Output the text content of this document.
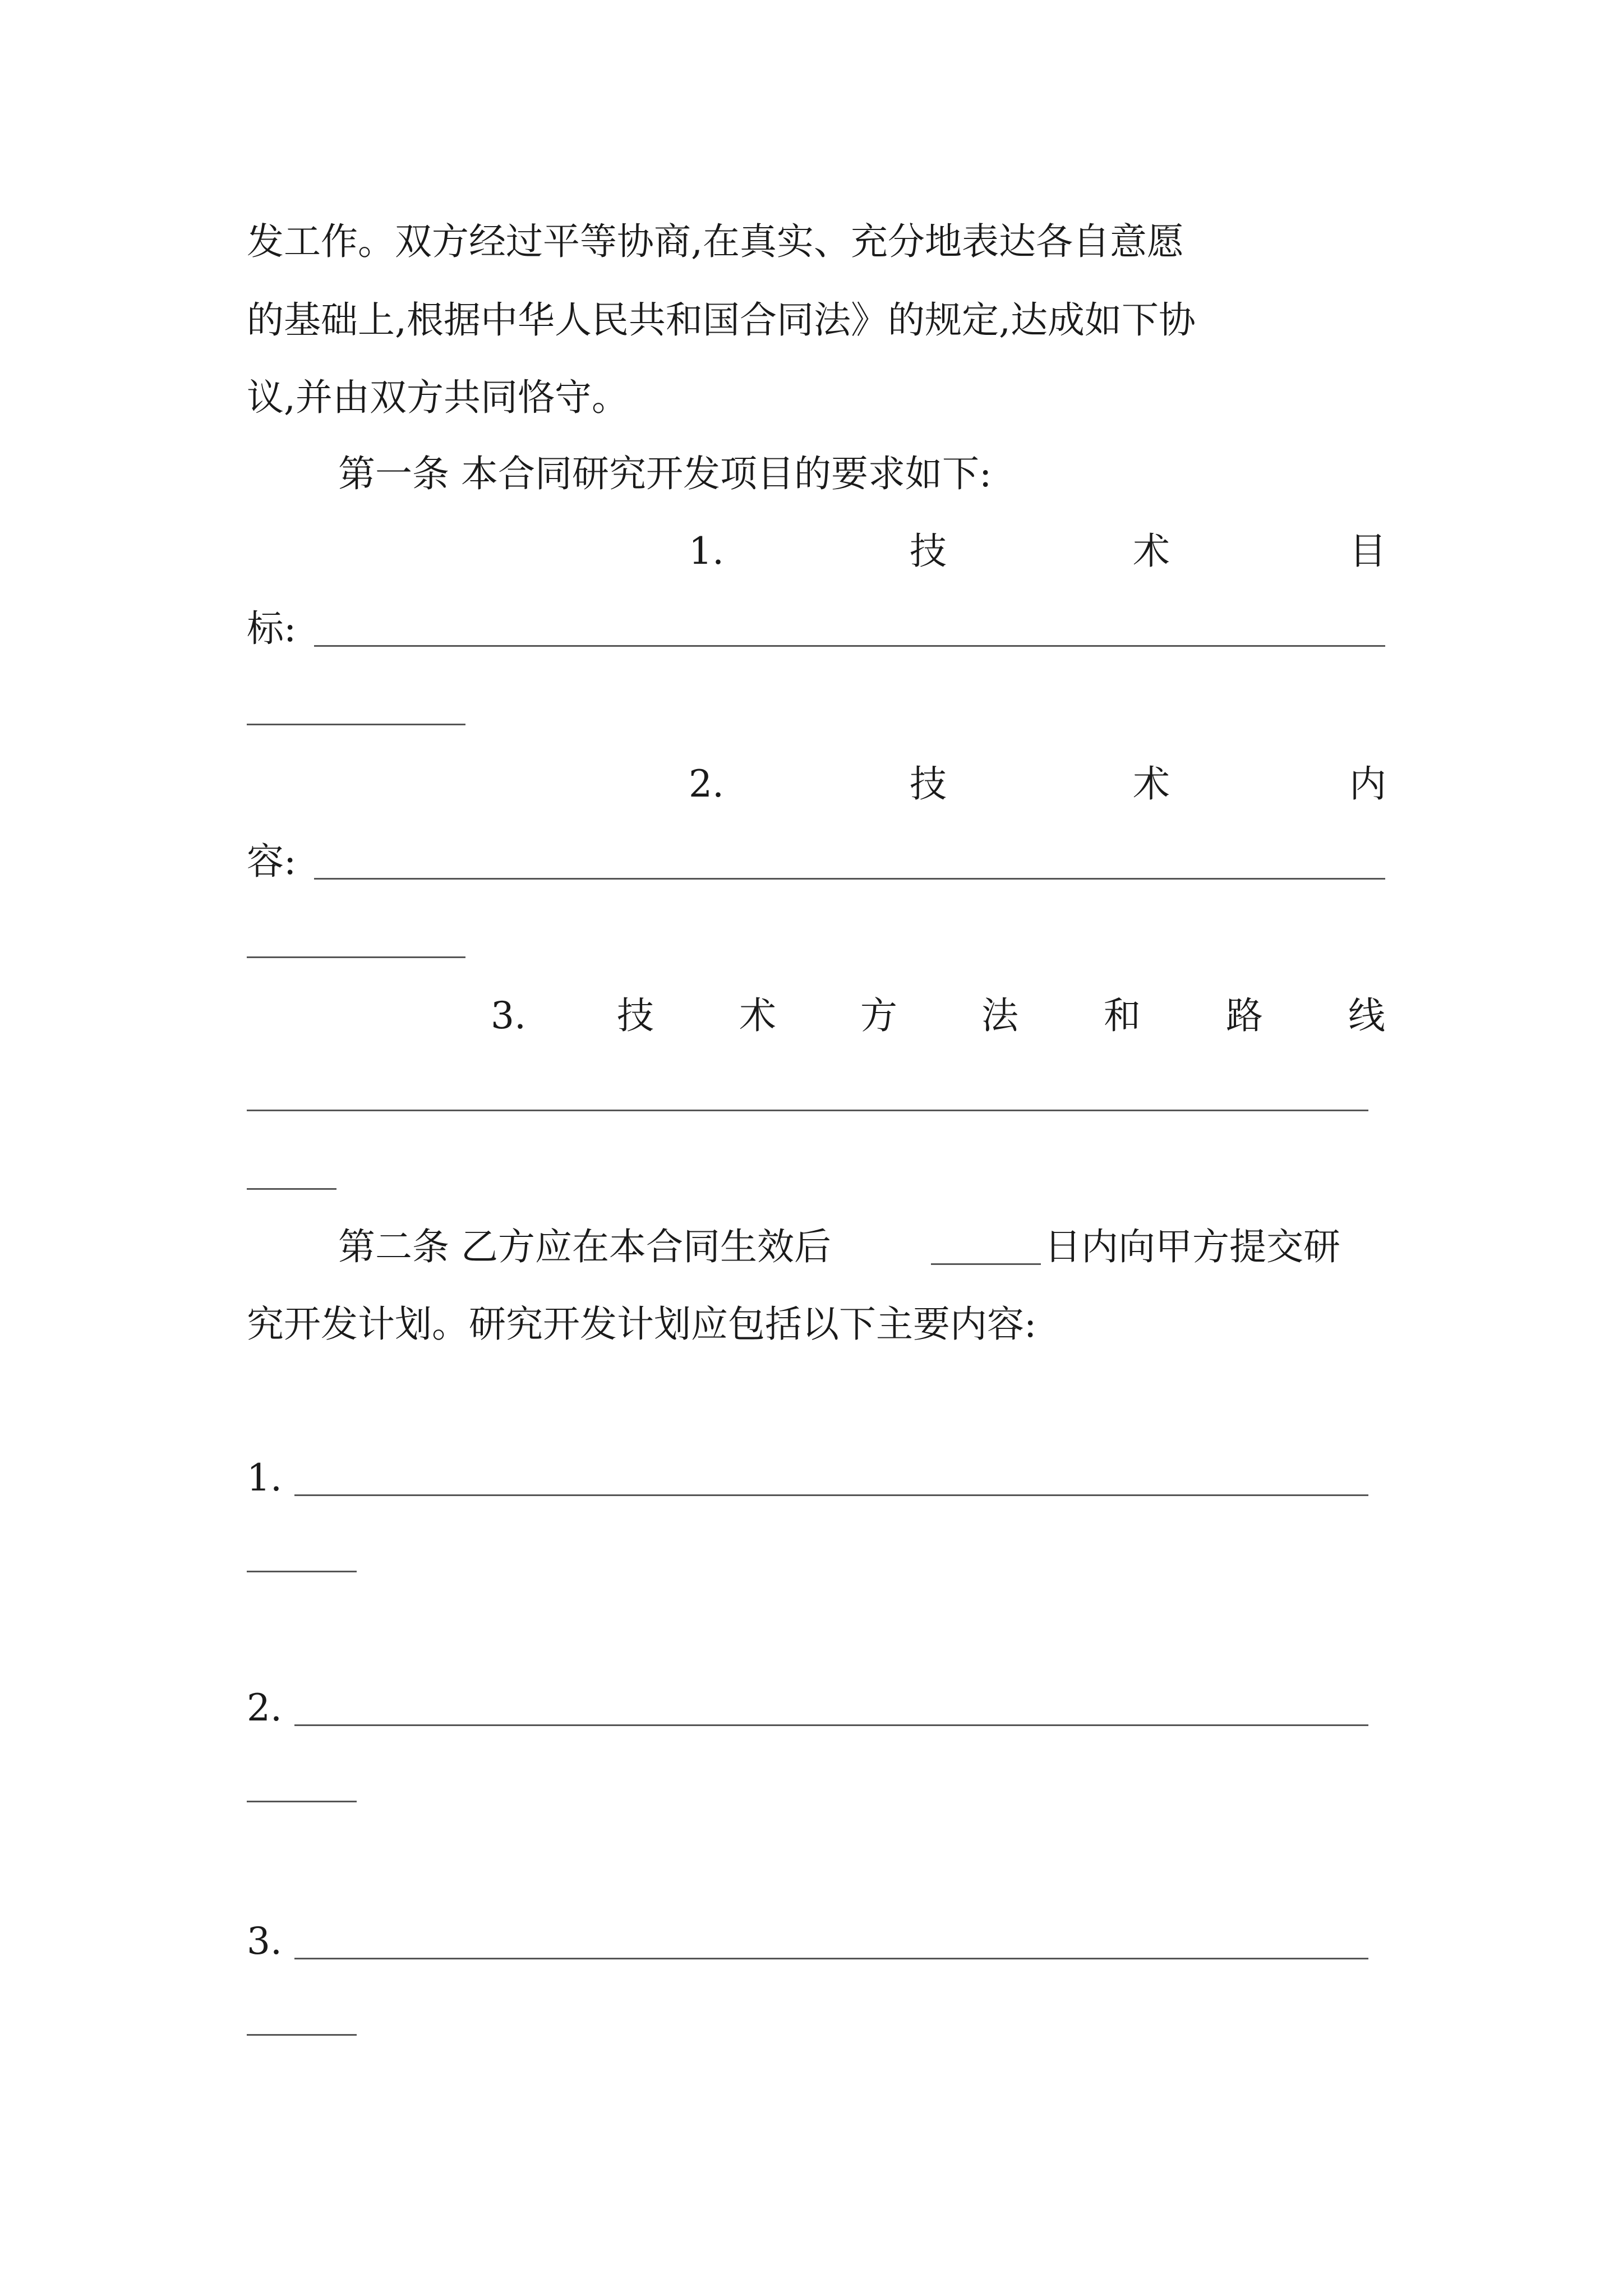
发工作。双方经过平等协商,在真实、充分地表达各自意愿
的基础上,根据中华人民共和国合同法》的规定,达成如下协
议,并由双方共同恪守。
第一条 本合同研究开发项目的要求如下:
1.	技	术	目
标:
2.	技	术	内
容:
3. 技 术 方 法 和 路 线
第二条 乙方应在本合同生效后	日内向甲方提交研
究开发计划。研究开发计划应包括以下主要内容:
1.
2.
3.
